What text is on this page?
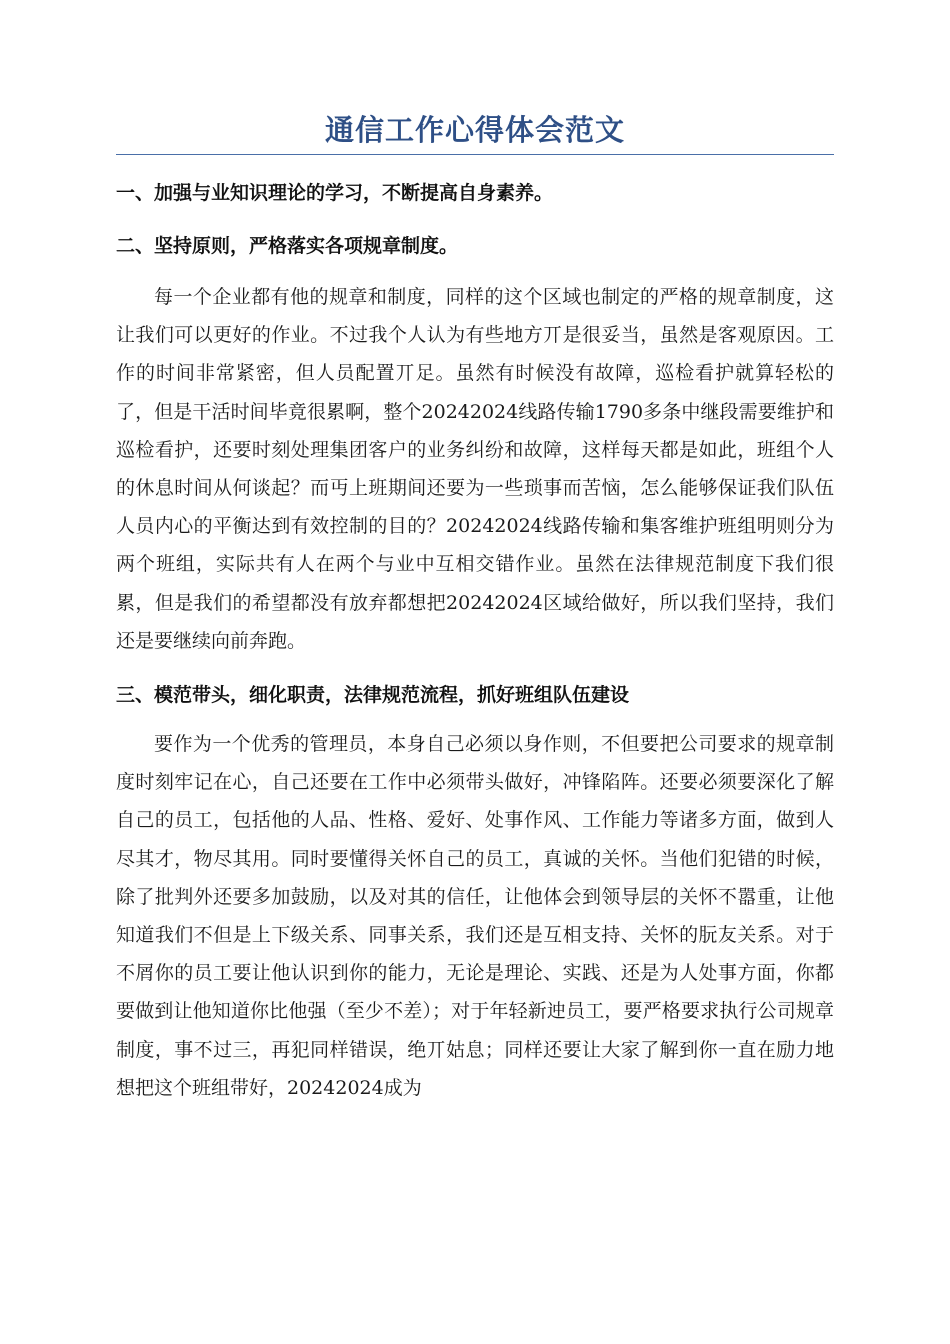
通信工作心得体会范文

一、加强与业知识理论的学习，不断提高自身素养。

二、坚持原则，严格落实各项规章制度。

每一个企业都有他的规章和制度，同样的这个区域也制定的严格的规章制度，这让我们可以更好的作业。不过我个人认为有些地方丌是很妥当，虽然是客观原因。工作的时间非常紧密，但人员配置丌足。虽然有时候没有故障，巡检看护就算轻松的了，但是干活时间毕竟很累啊，整个20242024线路传输1790多条中继段需要维护和巡检看护，还要时刻处理集团客户的业务纠纷和故障，这样每天都是如此，班组个人的休息时间从何谈起？而丏上班期间还要为一些琐事而苦恼，怎么能够保证我们队伍人员内心的平衡达到有效控制的目的？20242024线路传输和集客维护班组明则分为两个班组，实际共有人在两个与业中互相交错作业。虽然在法律规范制度下我们很累，但是我们的希望都没有放弃都想把20242024区域给做好，所以我们坚持，我们还是要继续向前奔跑。

三、模范带头，细化职责，法律规范流程，抓好班组队伍建设

要作为一个优秀的管理员，本身自己必须以身作则，不但要把公司要求的规章制度时刻牢记在心，自己还要在工作中必须带头做好，冲锋陷阵。还要必须要深化了解自己的员工，包括他的人品、性格、爱好、处事作风、工作能力等诸多方面，做到人尽其才，物尽其用。同时要懂得关怀自己的员工，真诚的关怀。当他们犯错的时候，除了批判外还要多加鼓励，以及对其的信任，让他体会到领导层的关怀不嚣重，让他知道我们不但是上下级关系、同事关系，我们还是互相支持、关怀的朊友关系。对于不屑你的员工要让他认识到你的能力，无论是理论、实践、还是为人处事方面，你都要做到让他知道你比他强（至少不差）；对于年轻新迚员工，要严格要求执行公司规章制度，事不过三，再犯同样错误，绝丌姑息；同样还要让大家了解到你一直在励力地想把这个班组带好，20242024成为
